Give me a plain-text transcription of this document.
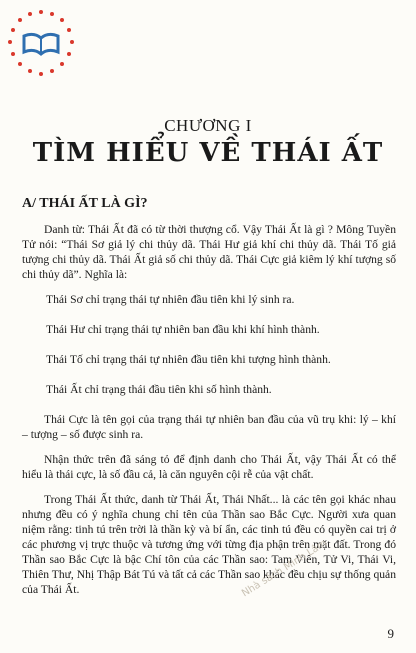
CHƯƠNG I
TÌM HIỂU VỀ THÁI ẤT
A/ THÁI ẤT LÀ GÌ?

Danh từ: Thái Ất đã có từ thời thượng cổ. Vậy Thái Ất là gì ? Mông Tuyền Tử nói: “Thái Sơ giả lý chi thủy dã. Thái Hư giả khí chi thủy dã. Thái Tố giả tượng chi thủy dã. Thái Ất giả số chi thủy dã. Thái Cực giả kiêm lý khí tượng số chi thủy dã”. Nghĩa là:

Thái Sơ chỉ trạng thái tự nhiên đầu tiên khi lý sinh ra.

Thái Hư chỉ trạng thái tự nhiên ban đầu khi khí hình thành.

Thái Tố chỉ trạng thái tự nhiên đầu tiên khi tượng hình thành.

Thái Ất chỉ trạng thái đầu tiên khi số hình thành.

Thái Cực là tên gọi của trạng thái tự nhiên ban đầu của vũ trụ khi: lý – khí – tượng – số được sinh ra.

Nhận thức trên đã sáng tỏ để định danh cho Thái Ất, vậy Thái Ất có thể hiểu là thái cực, là số đầu cả, là căn nguyên cội rễ của vật chất.

Trong Thái Ất thức, danh từ Thái Ất, Thái Nhất... là các tên gọi khác nhau nhưng đều có ý nghĩa chung chỉ tên của Thần sao Bắc Cực. Người xưa quan niệm rằng: tinh tú trên trời là thần kỳ và bí ẩn, các tinh tú đều có quyền cai trị ở các phương vị trực thuộc và tương ứng với từng địa phận trên mặt đất. Trong đó Thần sao Bắc Cực là bậc Chí tôn của các Thần sao: Tam Viên, Tử Vi, Thái Vi, Thiên Thư, Nhị Thập Bát Tú và tất cả các Thần sao khác đều chịu sự thống quản của Thái Ất.	Nhà sách Minh Lâm
9
